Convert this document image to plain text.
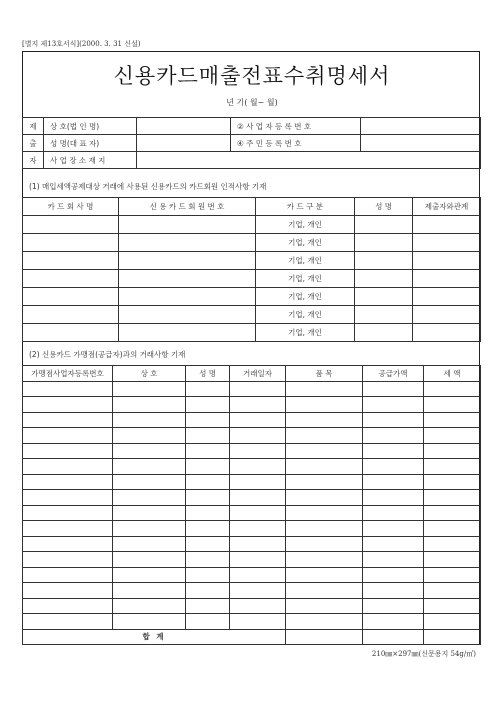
[별지 제13호서식](2000. 3. 31 신설)
신용카드매출전표수취명세서
년 기( 월~ 월)
제	상 호(법 인 명)		② 사 업 자 등 록 번 호	
출	성 명(대 표 자)		④ 주 민 등 록 번 호	
자	사 업 장 소 재 지			
(1) 매입세액공제대상 거래에 사용된 신용카드의 카드회원 인적사항 기재
카 드 회 사 명	신 용 카 드 회 원 번 호	카 드 구 분	성 명	제출자와관계
		기업, 개인		
		기업, 개인		
		기업, 개인		
		기업, 개인		
		기업, 개인		
		기업, 개인		
		기업, 개인		
(2) 신용카드 가맹점(공급자)과의 거래사항 기재
가맹점사업자등록번호	상 호	성 명	거래일자	품 목	공급가액	세 액

합 계						
210㎜×297㎜(신문용지 54g/㎡)
